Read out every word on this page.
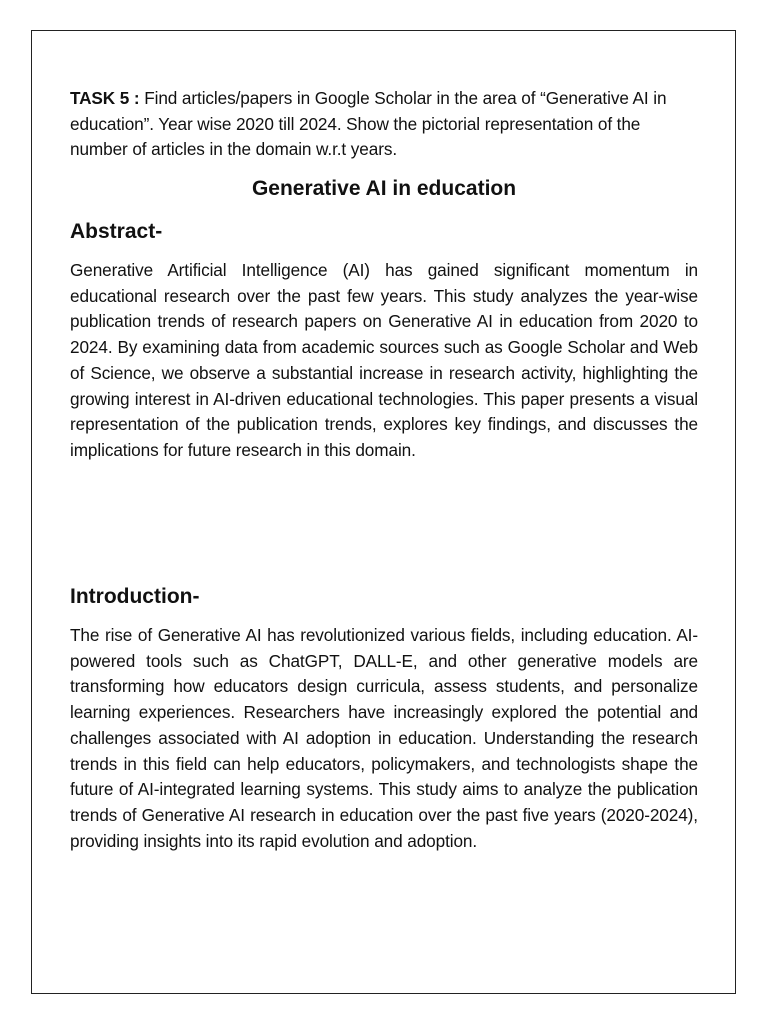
TASK 5 : Find articles/papers in Google Scholar in the area of “Generative AI in education”. Year wise 2020 till 2024. Show the pictorial representation of the number of articles in the domain w.r.t years.

Generative AI in education
Abstract-

Generative Artificial Intelligence (AI) has gained significant momentum in educational research over the past few years. This study analyzes the year-wise publication trends of research papers on Generative AI in education from 2020 to 2024. By examining data from academic sources such as Google Scholar and Web of Science, we observe a substantial increase in research activity, highlighting the growing interest in AI-driven educational technologies. This paper presents a visual representation of the publication trends, explores key findings, and discusses the implications for future research in this domain.

Introduction-

The rise of Generative AI has revolutionized various fields, including education. AI-powered tools such as ChatGPT, DALL-E, and other generative models are transforming how educators design curricula, assess students, and personalize learning experiences. Researchers have increasingly explored the potential and challenges associated with AI adoption in education. Understanding the research trends in this field can help educators, policymakers, and technologists shape the future of AI-integrated learning systems. This study aims to analyze the publication trends of Generative AI research in education over the past five years (2020-2024), providing insights into its rapid evolution and adoption.
